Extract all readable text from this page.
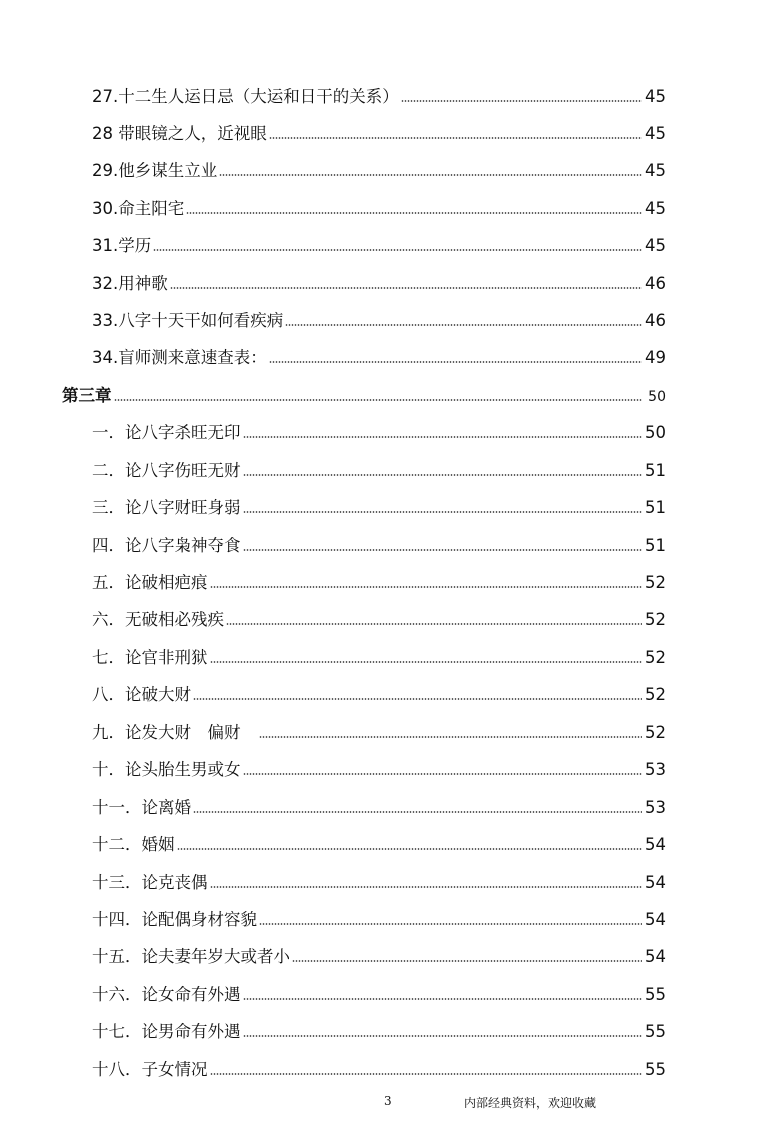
27.十二生人运日忌（大运和日干的关系）	45
28 带眼镜之人，近视眼	45
29.他乡谋生立业	45
30.命主阳宅	45
31.学历	45
32.用神歌	46
33.八字十天干如何看疾病	46
34.盲师测来意速查表：	49
第三章	50
一．论八字杀旺无印	50
二．论八字伤旺无财	51
三．论八字财旺身弱	51
四．论八字枭神夺食	51
五．论破相疤痕	52
六．无破相必残疾	52
七．论官非刑狱	52
八．论破大财	52
九．论发大财　偏财　	52
十．论头胎生男或女	53
十一．论离婚	53
十二．婚姻	54
十三．论克丧偶	54
十四．论配偶身材容貌	54
十五．论夫妻年岁大或者小	54
十六．论女命有外遇	55
十七．论男命有外遇	55
十八．子女情况	55
3	内部经典资料，欢迎收藏
